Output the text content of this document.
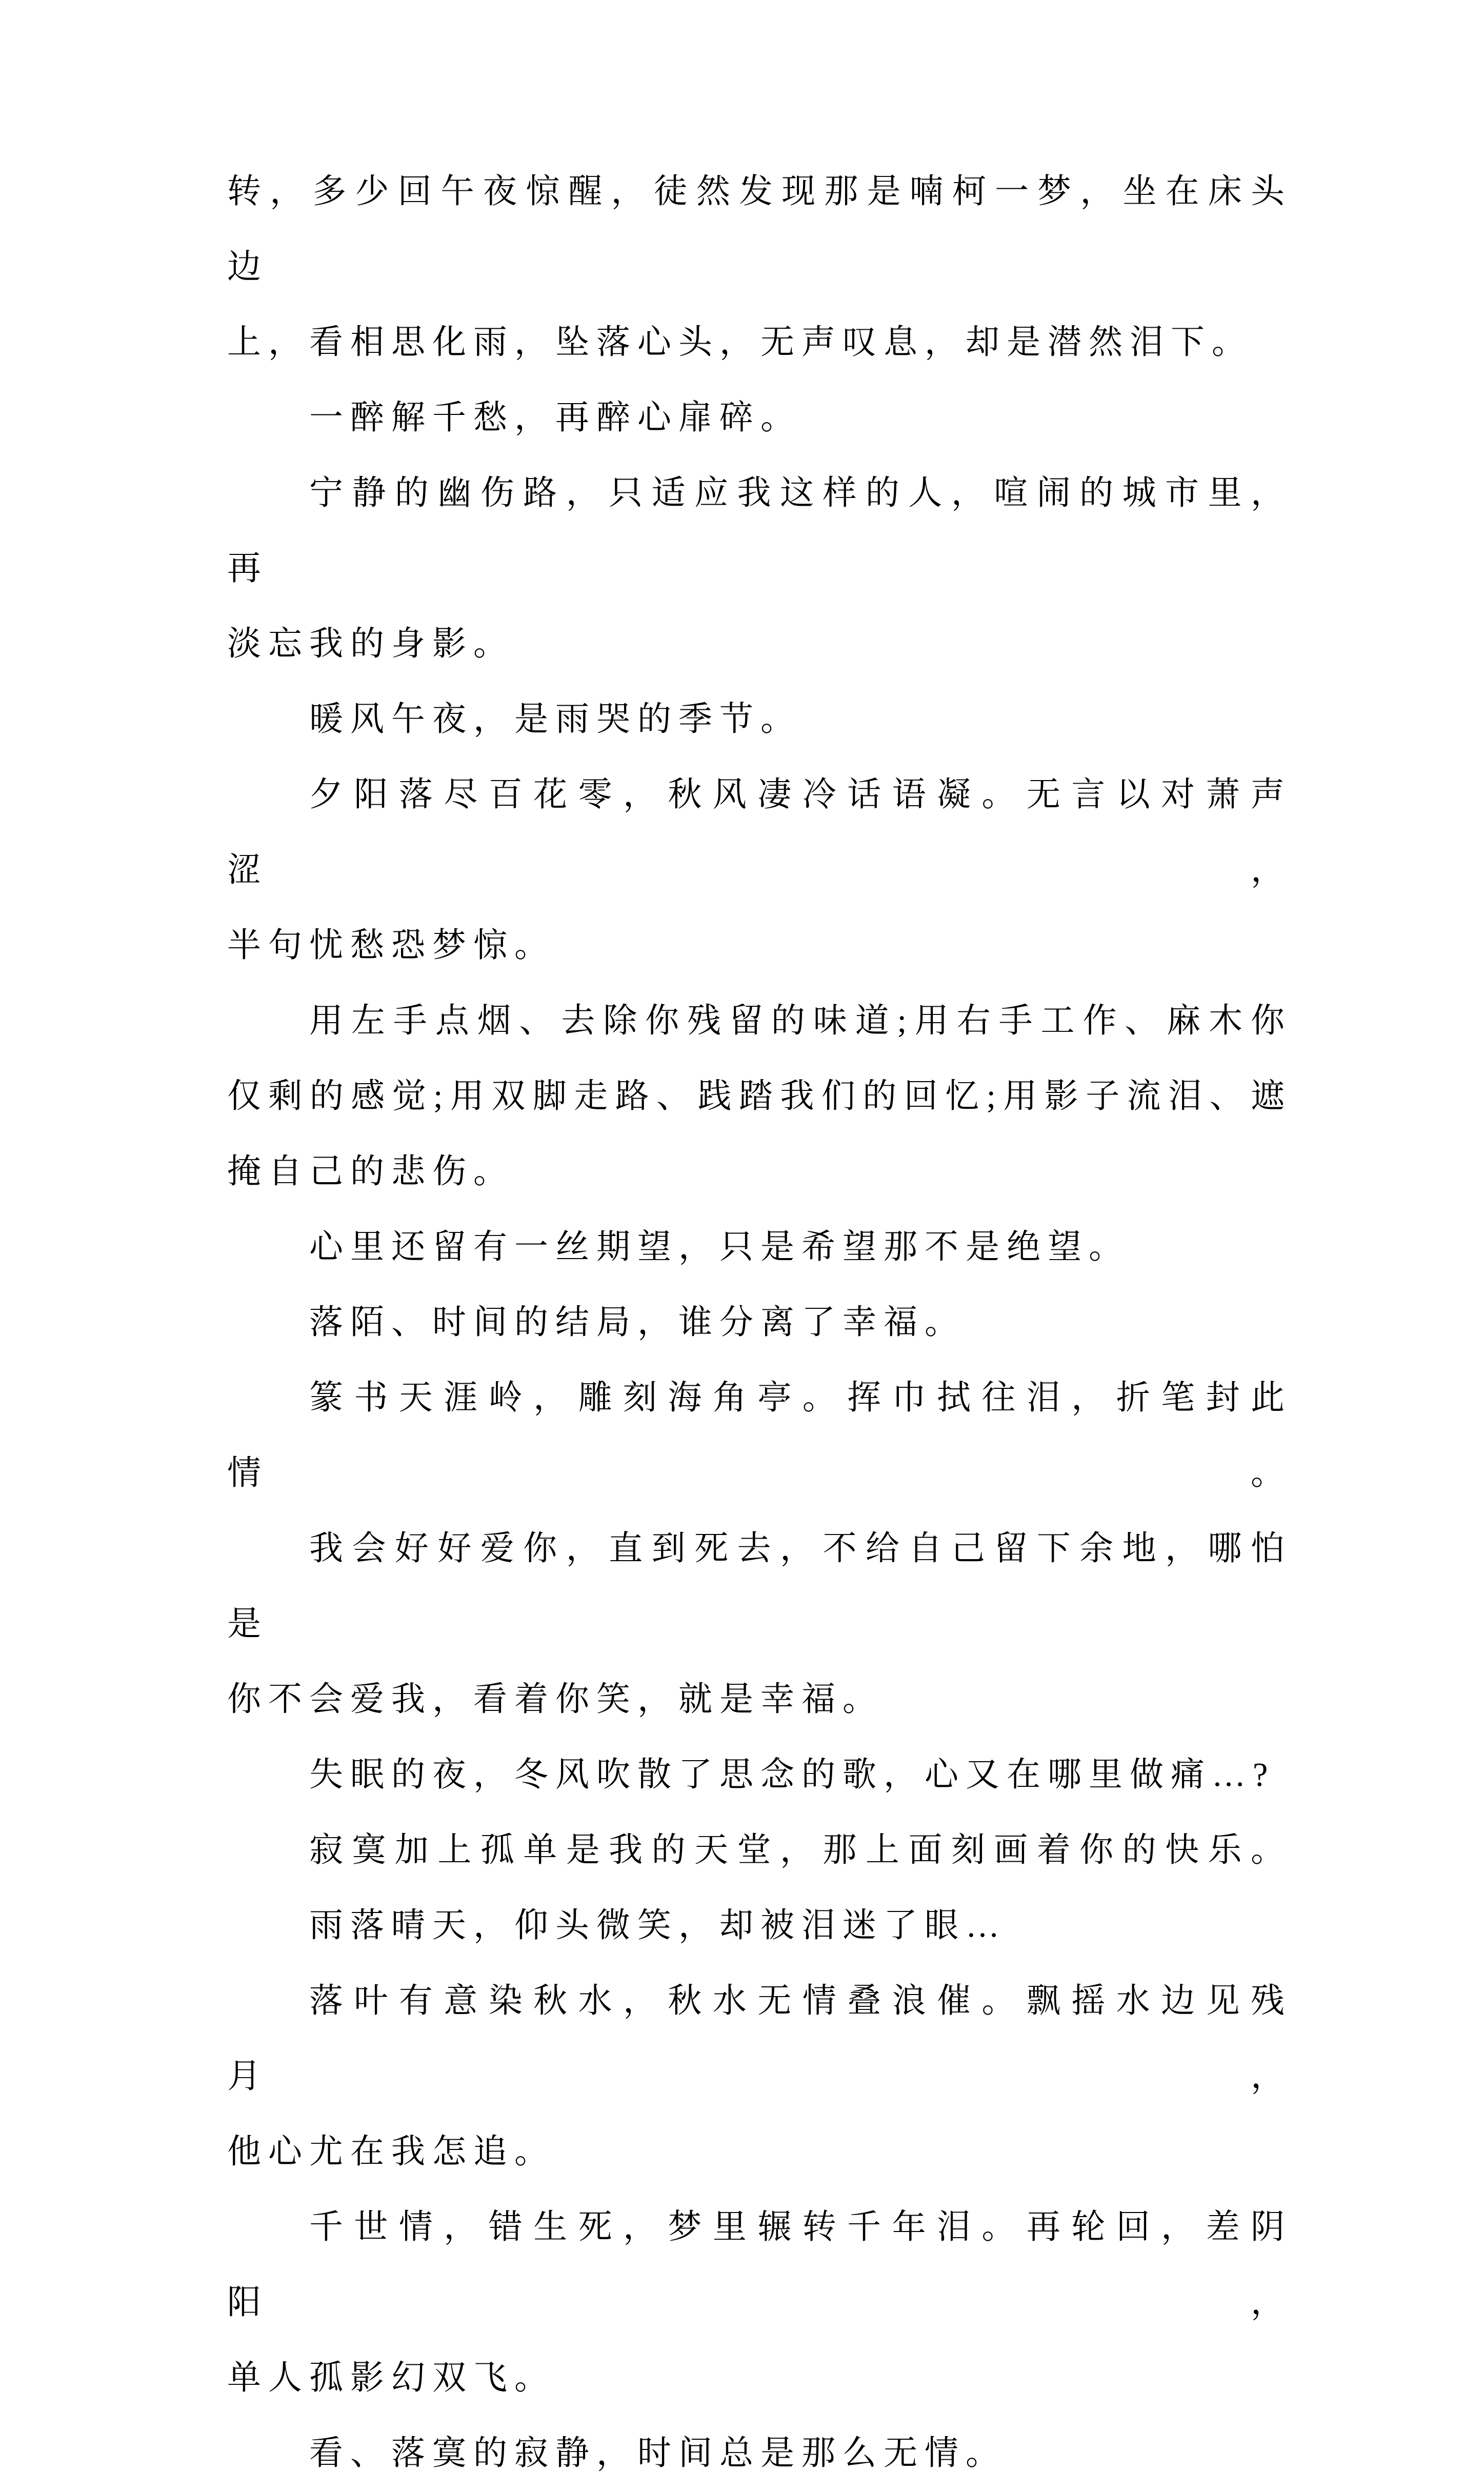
转，多少回午夜惊醒，徒然发现那是喃柯一梦，坐在床头边
上，看相思化雨，坠落心头，无声叹息，却是潜然泪下。
一醉解千愁，再醉心扉碎。
宁静的幽伤路，只适应我这样的人，喧闹的城市里，再
淡忘我的身影。
暖风午夜，是雨哭的季节。
夕阳落尽百花零，秋风凄冷话语凝。无言以对萧声涩，
半句忧愁恐梦惊。
用左手点烟、去除你残留的味道;用右手工作、麻木你
仅剩的感觉;用双脚走路、践踏我们的回忆;用影子流泪、遮
掩自己的悲伤。
心里还留有一丝期望，只是希望那不是绝望。
落陌、时间的结局，谁分离了幸福。
篆书天涯岭，雕刻海角亭。挥巾拭往泪，折笔封此情。
我会好好爱你，直到死去，不给自己留下余地，哪怕是
你不会爱我，看着你笑，就是幸福。
失眠的夜，冬风吹散了思念的歌，心又在哪里做痛…?
寂寞加上孤单是我的天堂，那上面刻画着你的快乐。
雨落晴天，仰头微笑，却被泪迷了眼…
落叶有意染秋水，秋水无情叠浪催。飘摇水边见残月，
他心尤在我怎追。
千世情，错生死，梦里辗转千年泪。再轮回，差阴阳，
单人孤影幻双飞。
看、落寞的寂静，时间总是那么无情。
